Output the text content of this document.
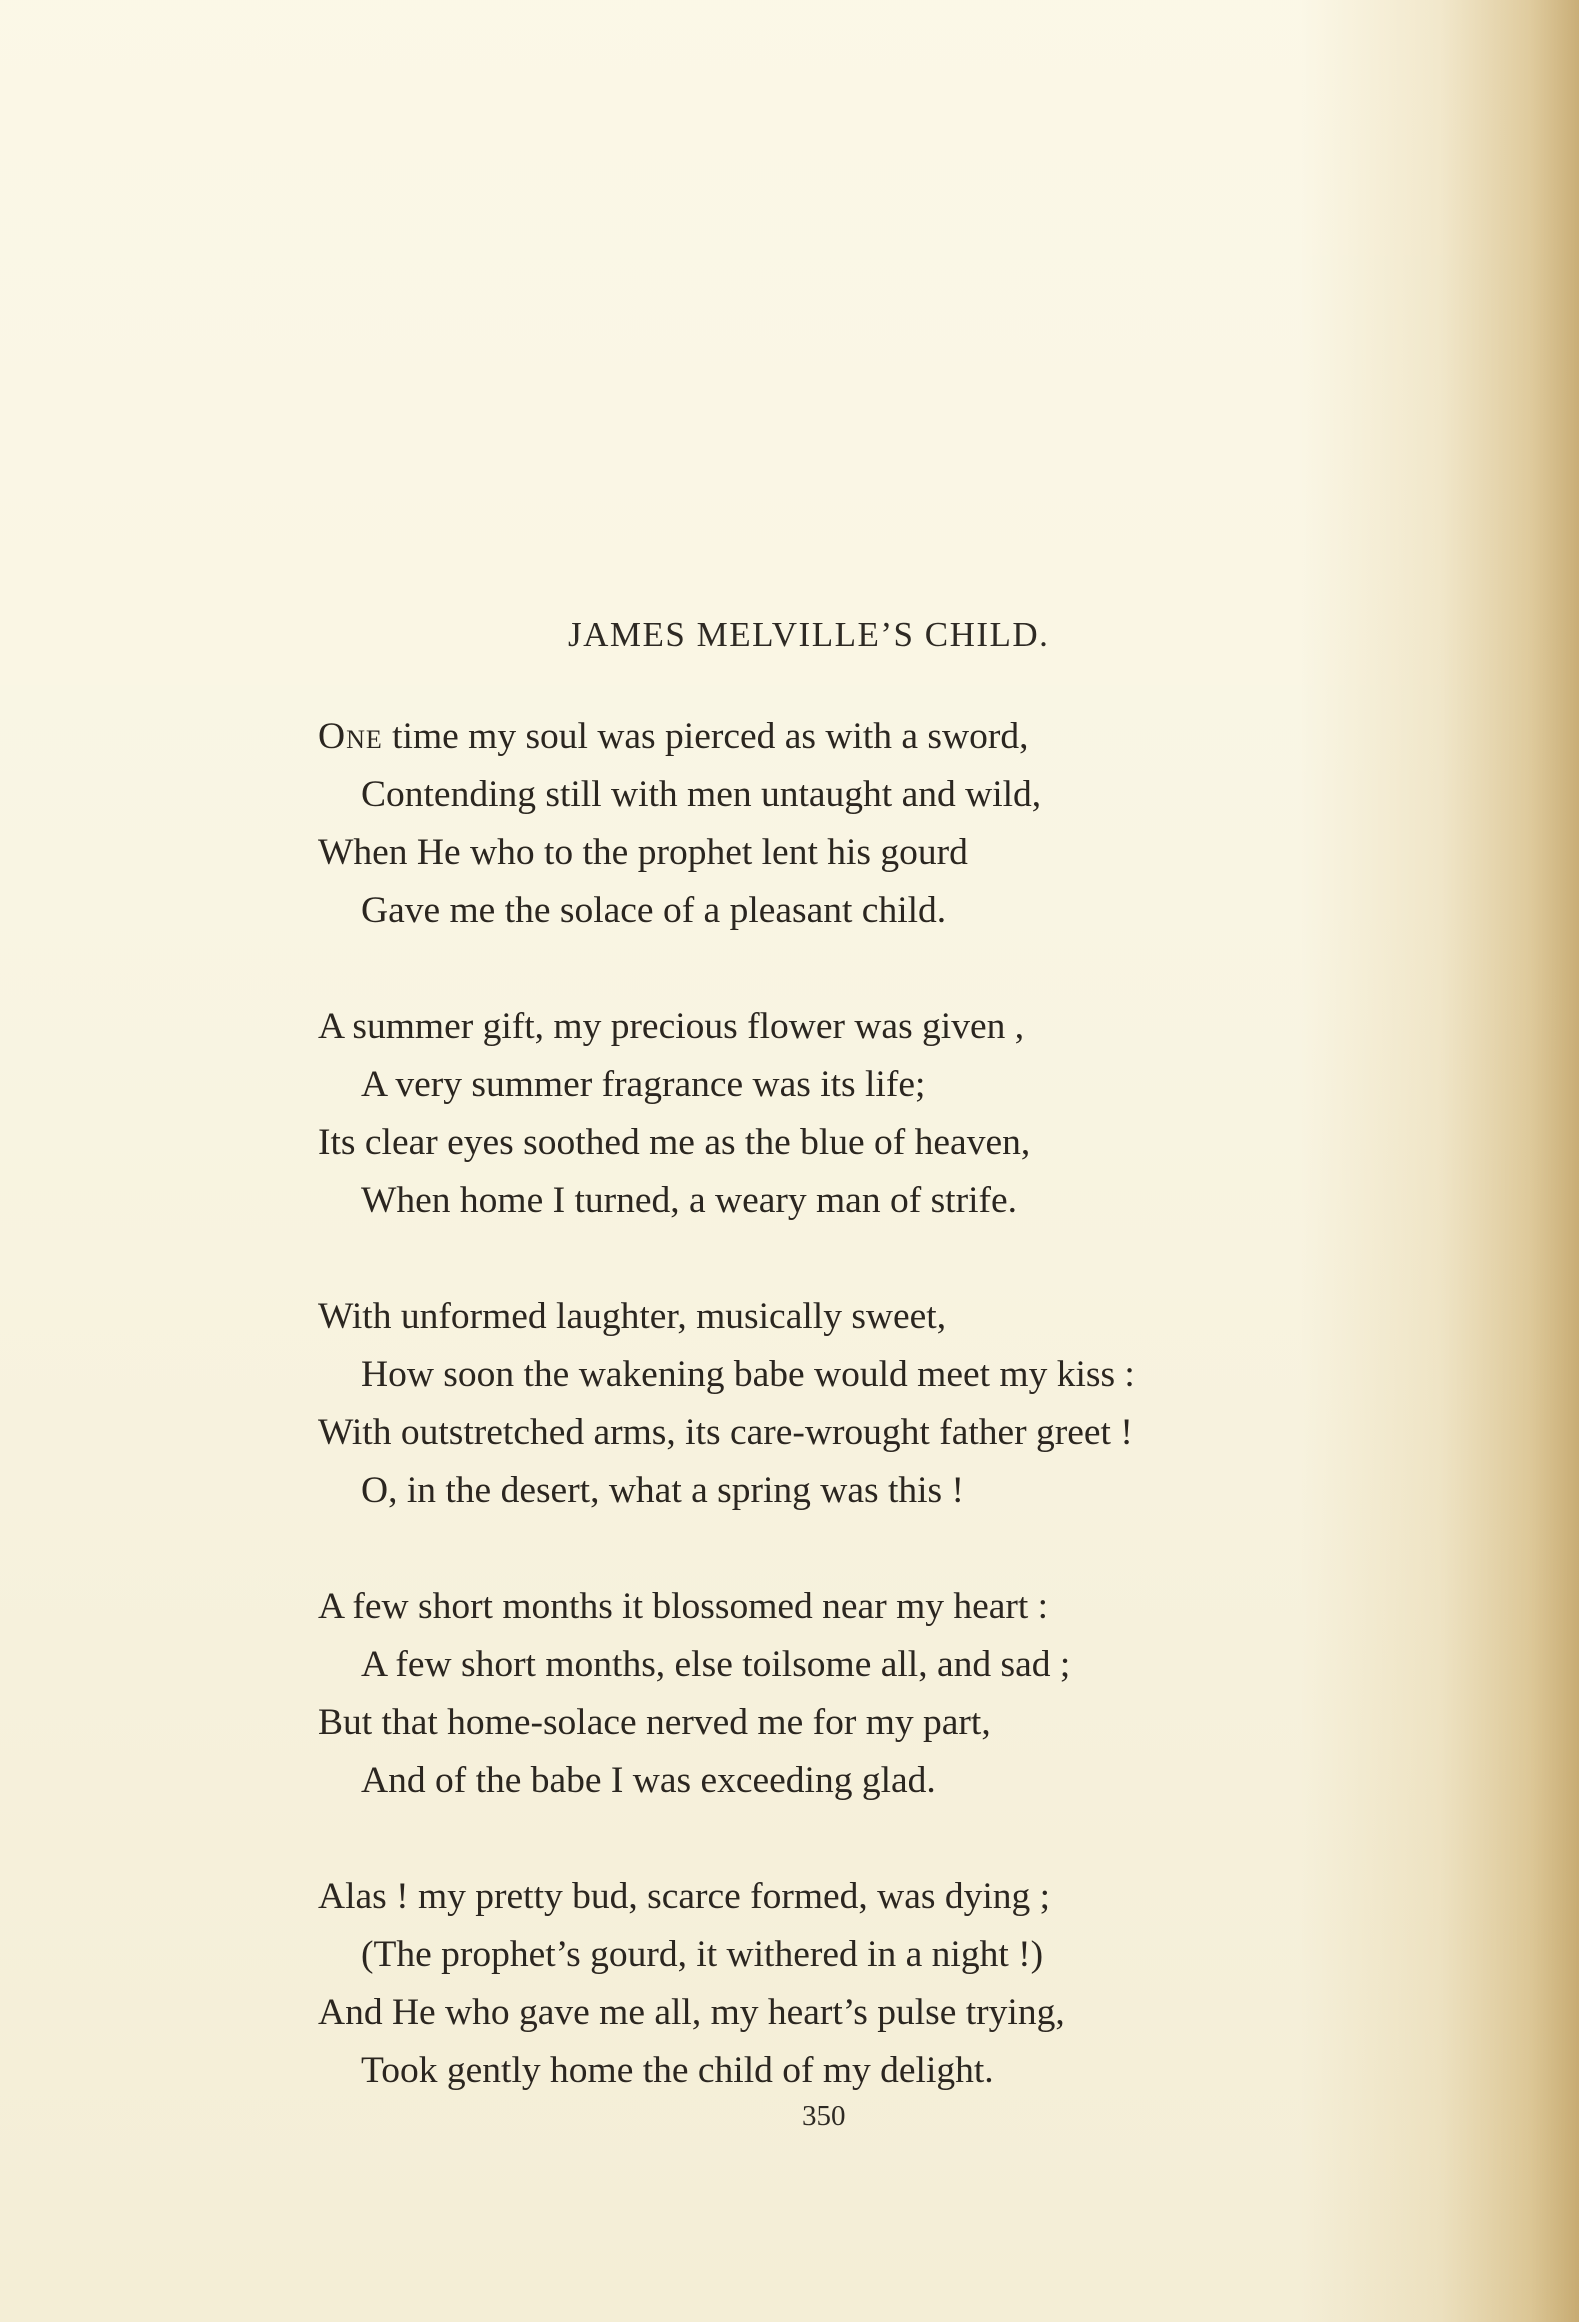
JAMES MELVILLE’S CHILD.
One time my soul was pierced as with a sword,
Contending still with men untaught and wild,
When He who to the prophet lent his gourd
Gave me the solace of a pleasant child.
A summer gift, my precious flower was given ,
A very summer fragrance was its life;
Its clear eyes soothed me as the blue of heaven,
When home I turned, a weary man of strife.
With unformed laughter, musically sweet,
How soon the wakening babe would meet my kiss :
With outstretched arms, its care-wrought father greet !
O, in the desert, what a spring was this !
A few short months it blossomed near my heart :
A few short months, else toilsome all, and sad ;
But that home-solace nerved me for my part,
And of the babe I was exceeding glad.
Alas ! my pretty bud, scarce formed, was dying ;
(The prophet’s gourd, it withered in a night !)
And He who gave me all, my heart’s pulse trying,
Took gently home the child of my delight.
350
